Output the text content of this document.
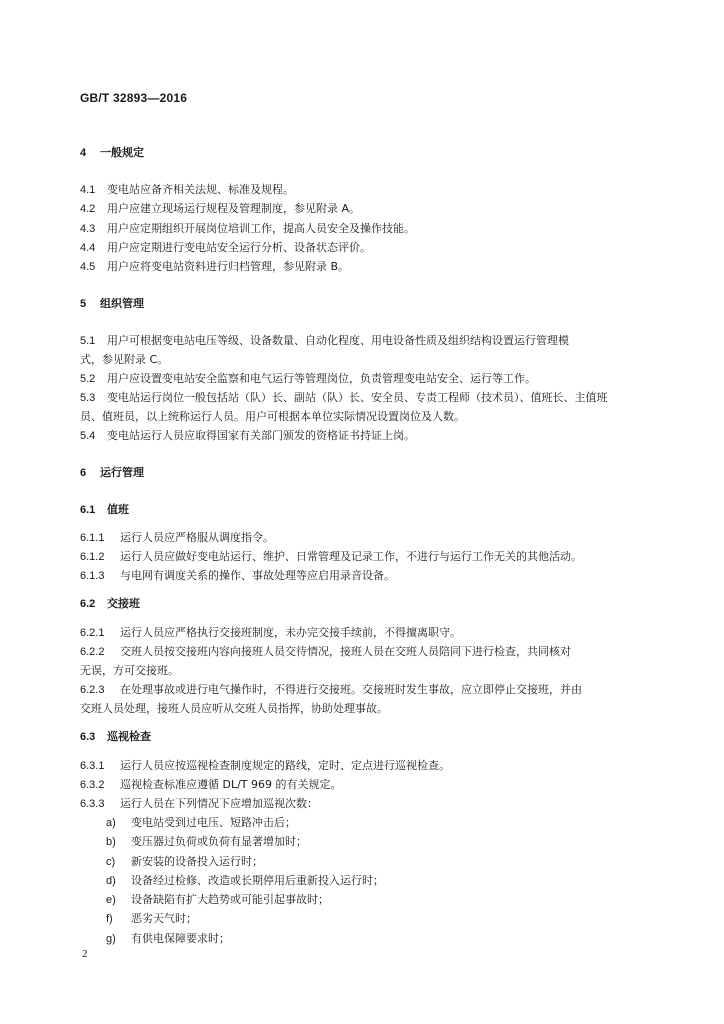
GB/T 32893—2016
4 一般规定
4.1 变电站应备齐相关法规、标准及规程。
4.2 用户应建立现场运行规程及管理制度，参见附录 A。
4.3 用户应定期组织开展岗位培训工作，提高人员安全及操作技能。
4.4 用户应定期进行变电站安全运行分析、设备状态评价。
4.5 用户应将变电站资料进行归档管理，参见附录 B。
5 组织管理
5.1 用户可根据变电站电压等级、设备数量、自动化程度、用电设备性质及组织结构设置运行管理模
式，参见附录 C。
5.2 用户应设置变电站安全监察和电气运行等管理岗位，负责管理变电站安全、运行等工作。
5.3 变电站运行岗位一般包括站（队）长、副站（队）长、安全员、专责工程师（技术员）、值班长、主值班
员、值班员，以上统称运行人员。用户可根据本单位实际情况设置岗位及人数。
5.4 变电站运行人员应取得国家有关部门颁发的资格证书持证上岗。
6 运行管理
6.1 值班
6.1.1 运行人员应严格服从调度指令。
6.1.2 运行人员应做好变电站运行、维护、日常管理及记录工作，不进行与运行工作无关的其他活动。
6.1.3 与电网有调度关系的操作、事故处理等应启用录音设备。
6.2 交接班
6.2.1 运行人员应严格执行交接班制度，未办完交接手续前，不得擅离职守。
6.2.2 交班人员按交接班内容向接班人员交待情况，接班人员在交班人员陪同下进行检查，共同核对
无误，方可交接班。
6.2.3 在处理事故或进行电气操作时，不得进行交接班。交接班时发生事故，应立即停止交接班，并由
交班人员处理，接班人员应听从交班人员指挥，协助处理事故。
6.3 巡视检查
6.3.1 运行人员应按巡视检查制度规定的路线，定时、定点进行巡视检查。
6.3.2 巡视检查标准应遵循 DL/T 969 的有关规定。
6.3.3 运行人员在下列情况下应增加巡视次数：
a) 变电站受到过电压、短路冲击后；
b) 变压器过负荷或负荷有显著增加时；
c) 新安装的设备投入运行时；
d) 设备经过检修、改造或长期停用后重新投入运行时；
e) 设备缺陷有扩大趋势或可能引起事故时；
f) 恶劣天气时；
g) 有供电保障要求时；
2
